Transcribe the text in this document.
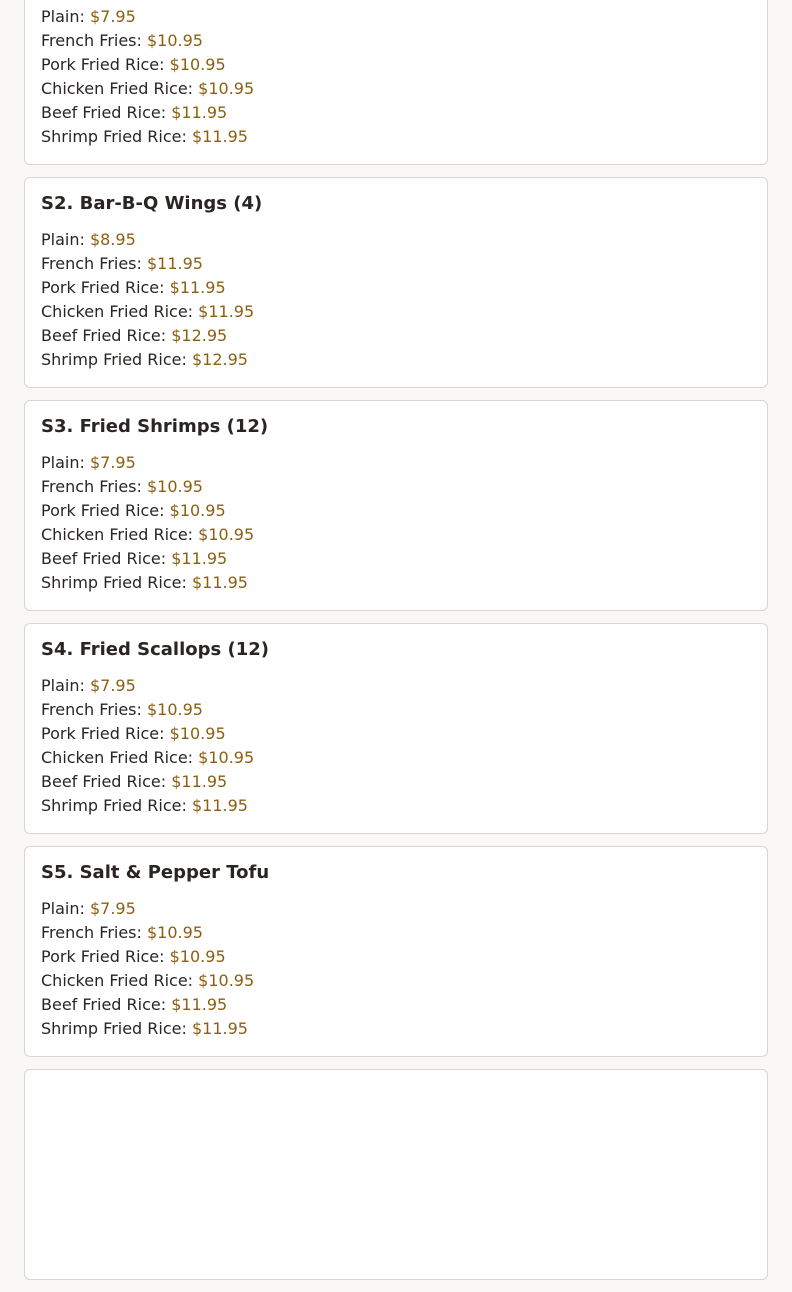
Plain: $7.95
French Fries: $10.95
Pork Fried Rice: $10.95
Chicken Fried Rice: $10.95
Beef Fried Rice: $11.95
Shrimp Fried Rice: $11.95
S2. Bar-B-Q Wings (4)
Plain: $8.95
French Fries: $11.95
Pork Fried Rice: $11.95
Chicken Fried Rice: $11.95
Beef Fried Rice: $12.95
Shrimp Fried Rice: $12.95
S3. Fried Shrimps (12)
Plain: $7.95
French Fries: $10.95
Pork Fried Rice: $10.95
Chicken Fried Rice: $10.95
Beef Fried Rice: $11.95
Shrimp Fried Rice: $11.95
S4. Fried Scallops (12)
Plain: $7.95
French Fries: $10.95
Pork Fried Rice: $10.95
Chicken Fried Rice: $10.95
Beef Fried Rice: $11.95
Shrimp Fried Rice: $11.95
S5. Salt & Pepper Tofu
Plain: $7.95
French Fries: $10.95
Pork Fried Rice: $10.95
Chicken Fried Rice: $10.95
Beef Fried Rice: $11.95
Shrimp Fried Rice: $11.95
